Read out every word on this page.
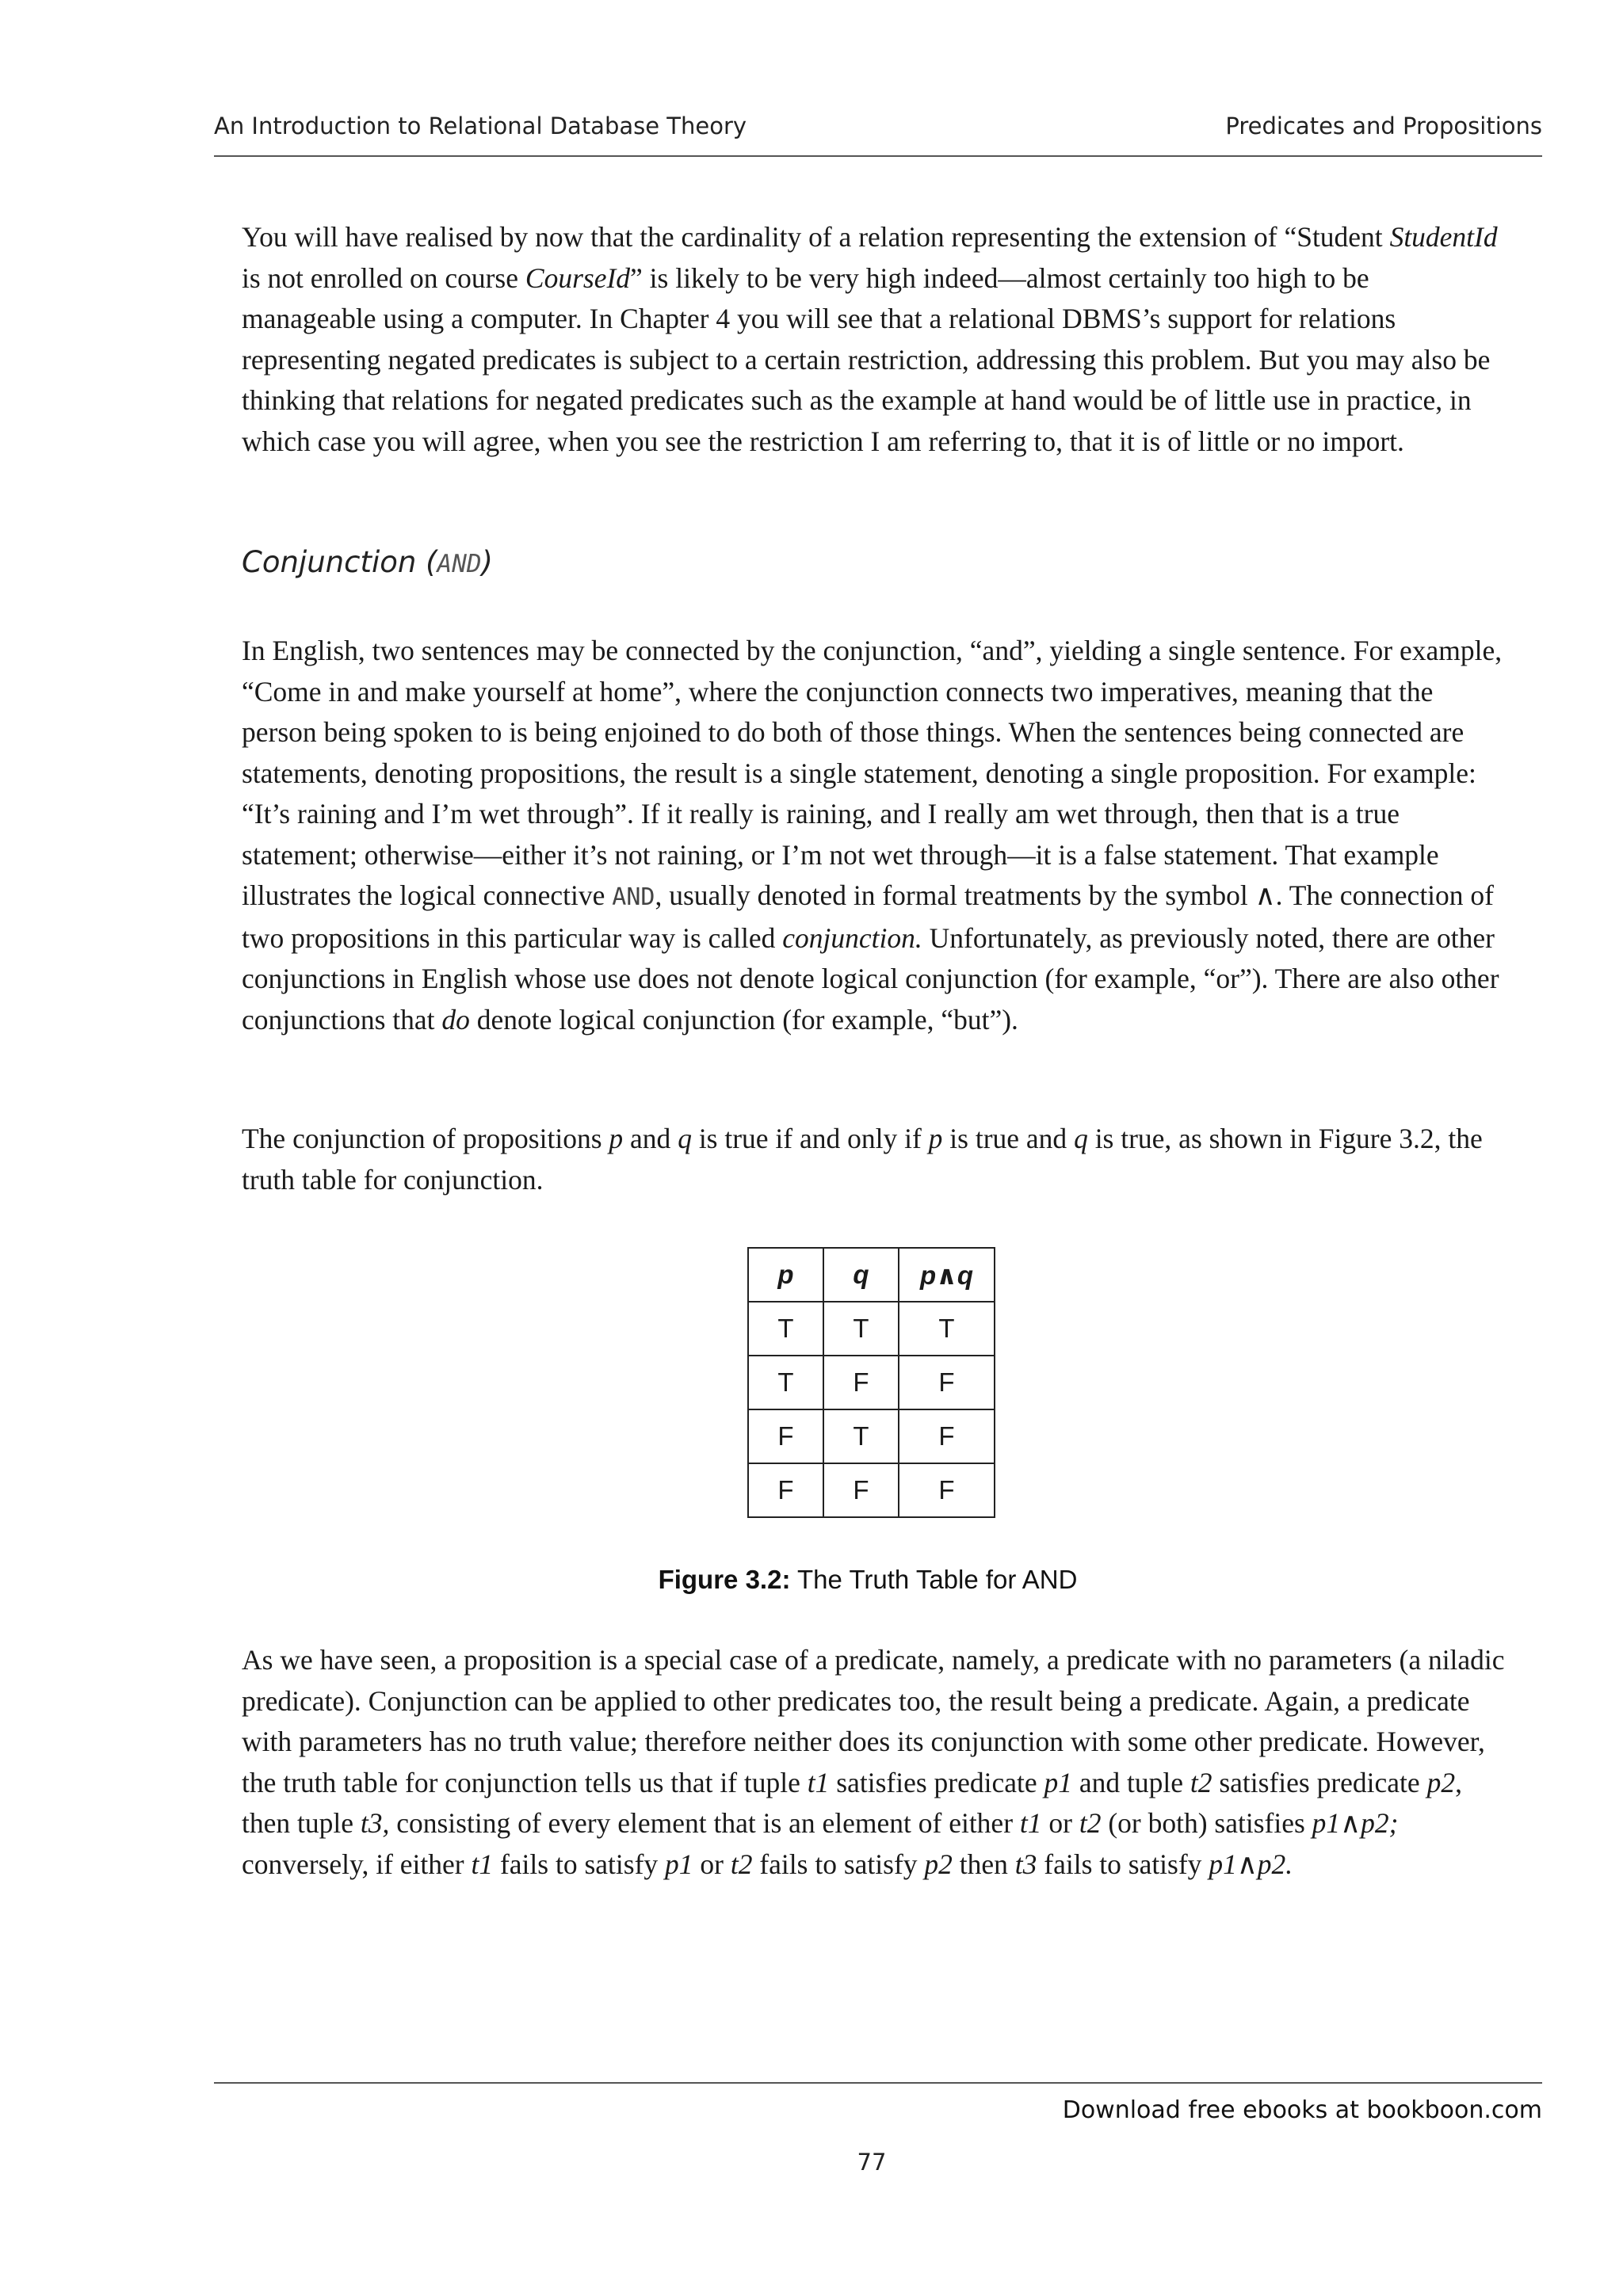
An Introduction to Relational Database Theory	Predicates and Propositions

You will have realised by now that the cardinality of a relation representing the extension of “Student StudentId is not enrolled on course CourseId” is likely to be very high indeed—almost certainly too high to be manageable using a computer. In Chapter 4 you will see that a relational DBMS’s support for relations representing negated predicates is subject to a certain restriction, addressing this problem. But you may also be thinking that relations for negated predicates such as the example at hand would be of little use in practice, in which case you will agree, when you see the restriction I am referring to, that it is of little or no import.

Conjunction (AND)

In English, two sentences may be connected by the conjunction, “and”, yielding a single sentence. For example, “Come in and make yourself at home”, where the conjunction connects two imperatives, meaning that the person being spoken to is being enjoined to do both of those things. When the sentences being connected are statements, denoting propositions, the result is a single statement, denoting a single proposition. For example: “It’s raining and I’m wet through”. If it really is raining, and I really am wet through, then that is a true statement; otherwise—either it’s not raining, or I’m not wet through—it is a false statement. That example illustrates the logical connective AND, usually denoted in formal treatments by the symbol ∧. The connection of two propositions in this particular way is called conjunction. Unfortunately, as previously noted, there are other conjunctions in English whose use does not denote logical conjunction (for example, “or”). There are also other conjunctions that do denote logical conjunction (for example, “but”).

The conjunction of propositions p and q is true if and only if p is true and q is true, as shown in Figure 3.2, the truth table for conjunction.

p	q	p∧q
T	T	T
T	F	F
F	T	F
F	F	F
Figure 3.2: The Truth Table for AND

As we have seen, a proposition is a special case of a predicate, namely, a predicate with no parameters (a niladic predicate). Conjunction can be applied to other predicates too, the result being a predicate. Again, a predicate with parameters has no truth value; therefore neither does its conjunction with some other predicate. However, the truth table for conjunction tells us that if tuple t1 satisfies predicate p1 and tuple t2 satisfies predicate p2, then tuple t3, consisting of every element that is an element of either t1 or t2 (or both) satisfies p1∧p2; conversely, if either t1 fails to satisfy p1 or t2 fails to satisfy p2 then t3 fails to satisfy p1∧p2.

Download free ebooks at bookboon.com
77
